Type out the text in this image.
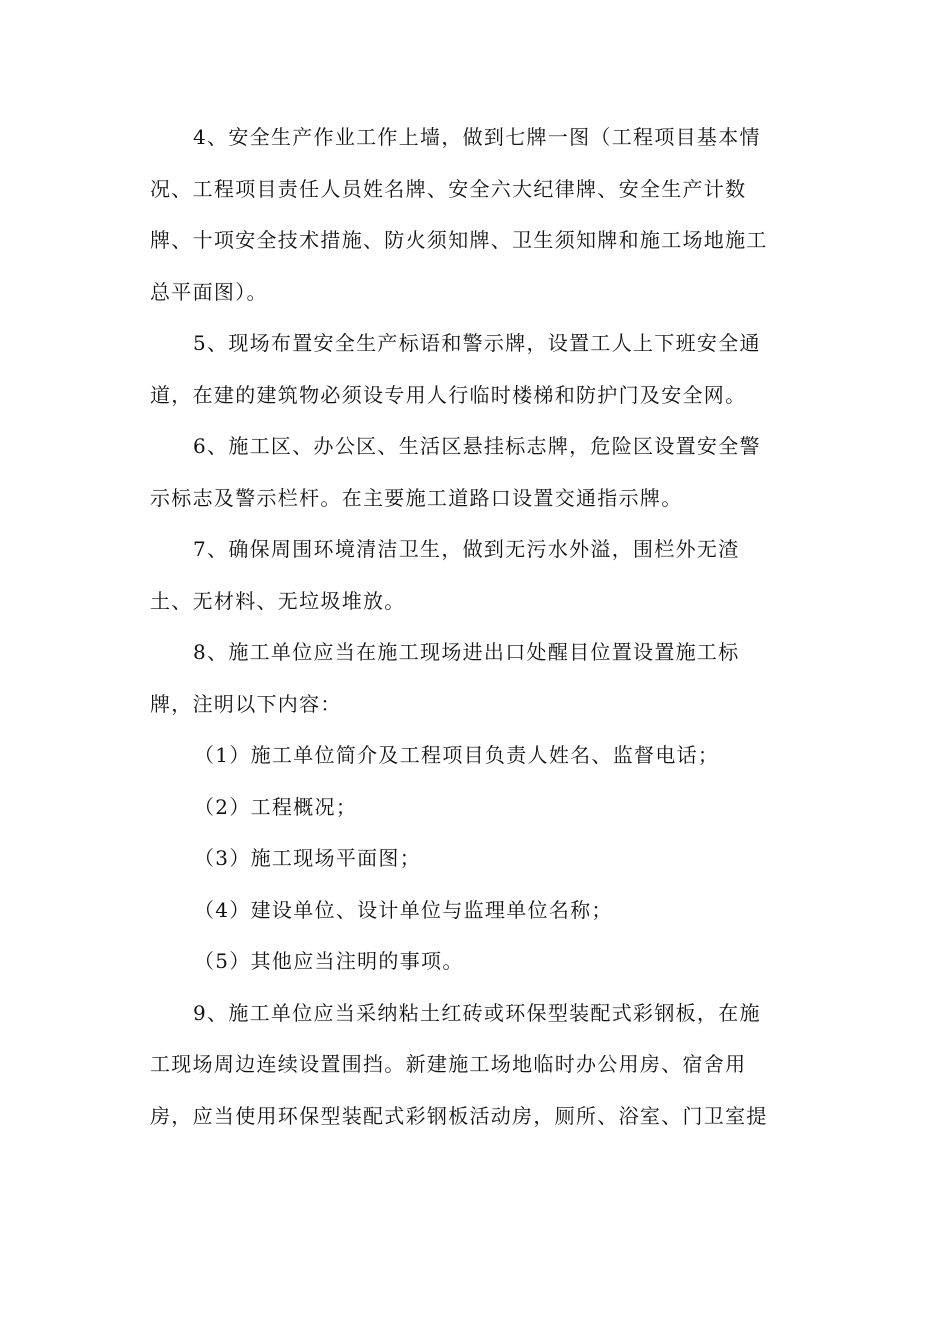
4、安全生产作业工作上墙，做到七牌一图（工程项目基本情
况、工程项目责任人员姓名牌、安全六大纪律牌、安全生产计数
牌、十项安全技术措施、防火须知牌、卫生须知牌和施工场地施工
总平面图）。
5、现场布置安全生产标语和警示牌，设置工人上下班安全通
道，在建的建筑物必须设专用人行临时楼梯和防护门及安全网。
6、施工区、办公区、生活区悬挂标志牌，危险区设置安全警
示标志及警示栏杆。在主要施工道路口设置交通指示牌。
7、确保周围环境清洁卫生，做到无污水外溢，围栏外无渣
土、无材料、无垃圾堆放。
8、施工单位应当在施工现场进出口处醒目位置设置施工标
牌，注明以下内容：
（1）施工单位简介及工程项目负责人姓名、监督电话；
（2）工程概况；
（3）施工现场平面图；
（4）建设单位、设计单位与监理单位名称；
（5）其他应当注明的事项。
9、施工单位应当采纳粘土红砖或环保型装配式彩钢板，在施
工现场周边连续设置围挡。新建施工场地临时办公用房、宿舍用
房，应当使用环保型装配式彩钢板活动房，厕所、浴室、门卫室提
